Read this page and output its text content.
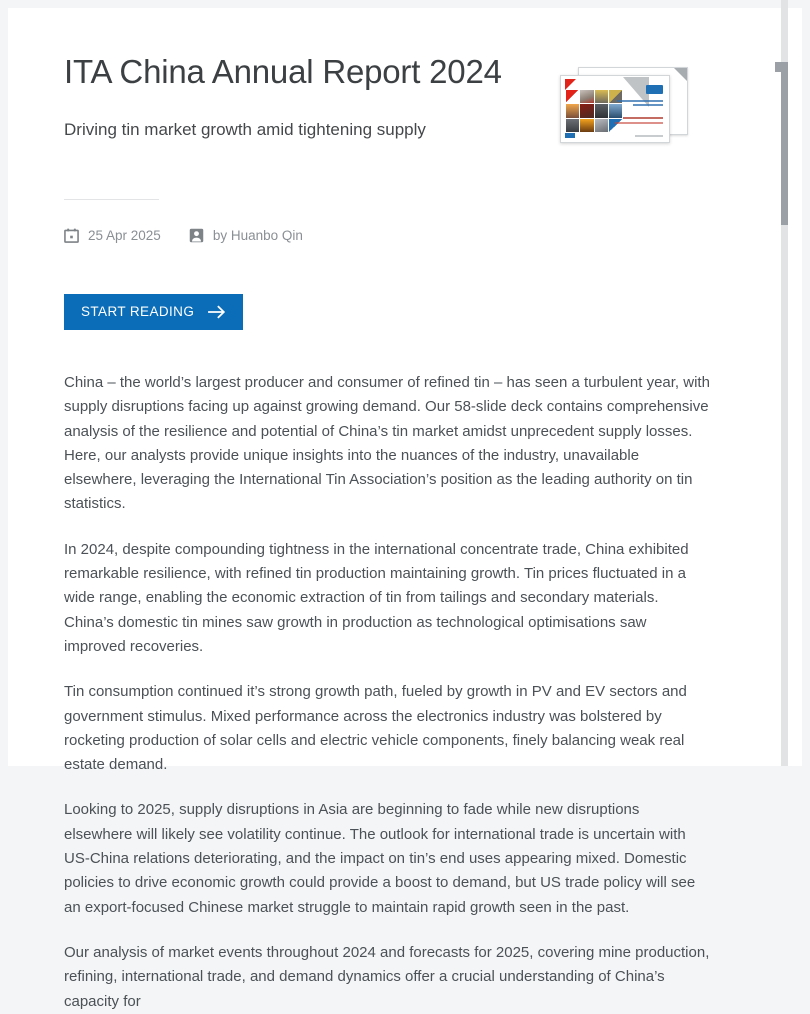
ITA China Annual Report 2024
Driving tin market growth amid tightening supply
25 Apr 2025	by Huanbo Qin
START READING

China – the world’s largest producer and consumer of refined tin – has seen a turbulent year, with supply disruptions facing up against growing demand. Our 58-slide deck contains comprehensive analysis of the resilience and potential of China’s tin market amidst unprecedent supply losses. Here, our analysts provide unique insights into the nuances of the industry, unavailable elsewhere, leveraging the International Tin Association’s position as the leading authority on tin statistics.

In 2024, despite compounding tightness in the international concentrate trade, China exhibited remarkable resilience, with refined tin production maintaining growth. Tin prices fluctuated in a wide range, enabling the economic extraction of tin from tailings and secondary materials. China’s domestic tin mines saw growth in production as technological optimisations saw improved recoveries.

Tin consumption continued it’s strong growth path, fueled by growth in PV and EV sectors and government stimulus. Mixed performance across the electronics industry was bolstered by rocketing production of solar cells and electric vehicle components, finely balancing weak real estate demand.

Looking to 2025, supply disruptions in Asia are beginning to fade while new disruptions elsewhere will likely see volatility continue. The outlook for international trade is uncertain with US-China relations deteriorating, and the impact on tin’s end uses appearing mixed. Domestic policies to drive economic growth could provide a boost to demand, but US trade policy will see an export-focused Chinese market struggle to maintain rapid growth seen in the past.

Our analysis of market events throughout 2024 and forecasts for 2025, covering mine production, refining, international trade, and demand dynamics offer a crucial understanding of China’s capacity for
